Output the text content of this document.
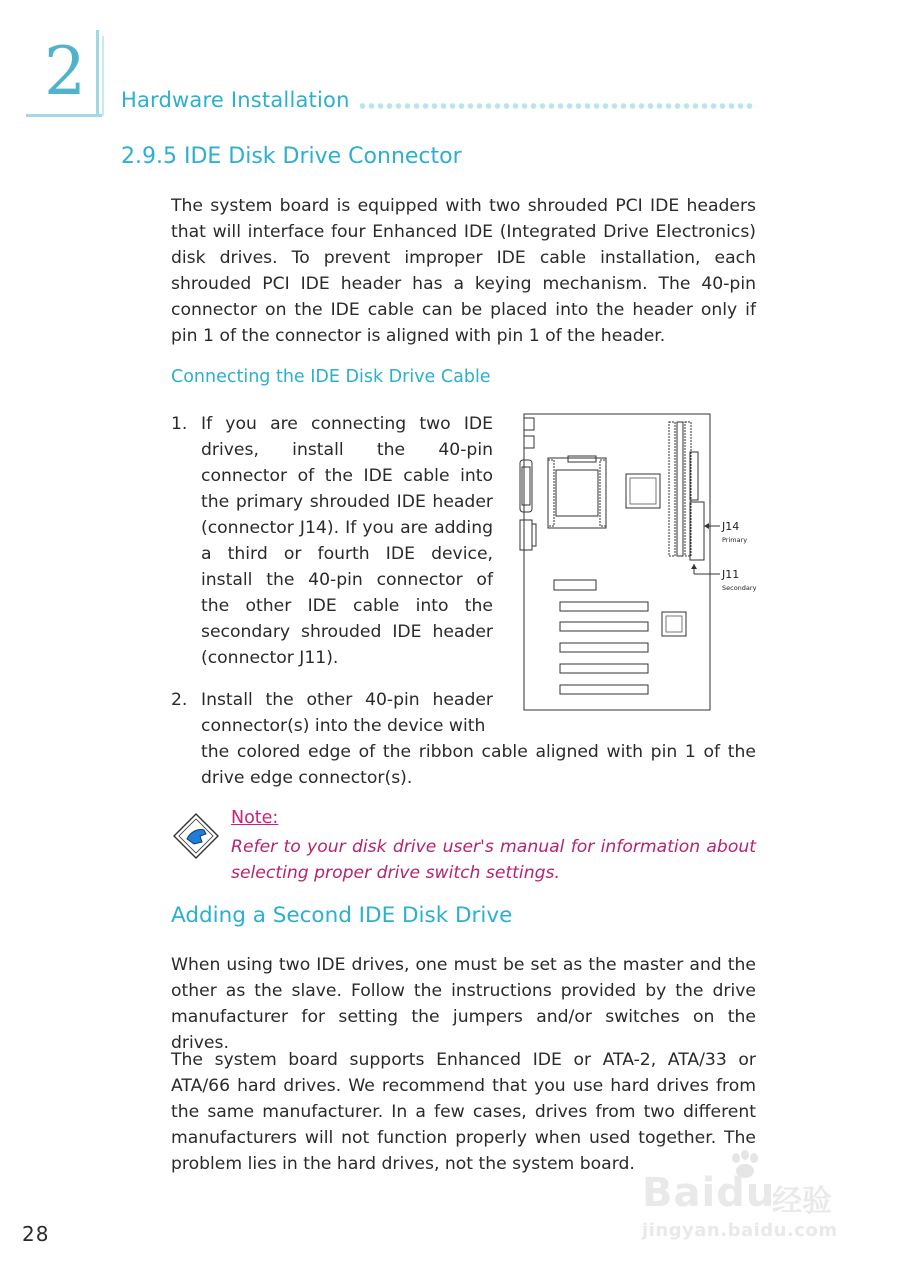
2 Hardware Installation
2.9.5 IDE Disk Drive Connector
The system board is equipped with two shrouded PCI IDE headers that will interface four Enhanced IDE (Integrated Drive Electronics) disk drives. To prevent improper IDE cable installation, each shrouded PCI IDE header has a keying mechanism. The 40-pin connector on the IDE cable can be placed into the header only if pin 1 of the connector is aligned with pin 1 of the header.
Connecting the IDE Disk Drive Cable
1. If you are connecting two IDE drives, install the 40-pin connector of the IDE cable into the primary shrouded IDE header (connector J14). If you are adding a third or fourth IDE device, install the 40-pin connector of the other IDE cable into the secondary shrouded IDE header (connector J11).
2. Install the other 40-pin header connector(s) into the device with
the colored edge of the ribbon cable aligned with pin 1 of the drive edge connector(s).
J14
Primary
J11
Secondary
Note:
Refer to your disk drive user's manual for information about selecting proper drive switch settings.
Adding a Second IDE Disk Drive
When using two IDE drives, one must be set as the master and the other as the slave. Follow the instructions provided by the drive manufacturer for setting the jumpers and/or switches on the drives.
The system board supports Enhanced IDE or ATA-2, ATA/33 or ATA/66 hard drives. We recommend that you use hard drives from the same manufacturer. In a few cases, drives from two different manufacturers will not function properly when used together. The problem lies in the hard drives, not the system board.
28
Baidu
经验
jingyan.baidu.com
